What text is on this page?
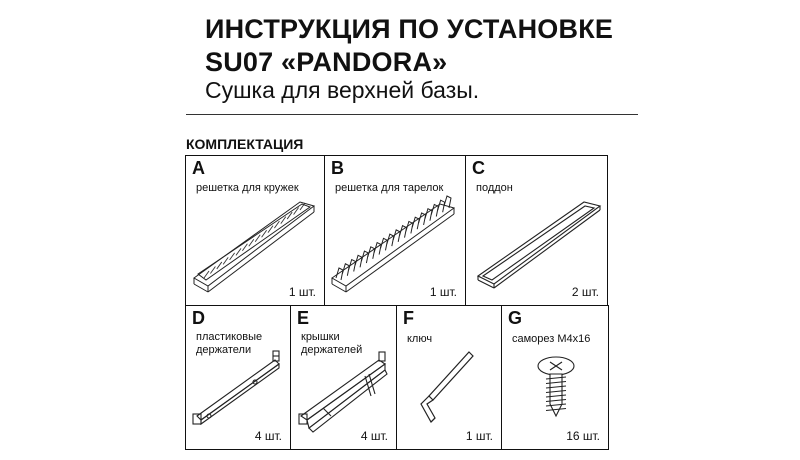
ИНСТРУКЦИЯ ПО УСТАНОВКЕ
SU07 «PANDORA»
Сушка для верхней базы.
КОМПЛЕКТАЦИЯ
A
решетка для кружек
1 шт.
B
решетка для тарелок
1 шт.
C
поддон
2 шт.
D
пластиковые
держатели
4 шт.
E
крышки
держателей
4 шт.
F
ключ
1 шт.
G
саморез М4x16
16 шт.
